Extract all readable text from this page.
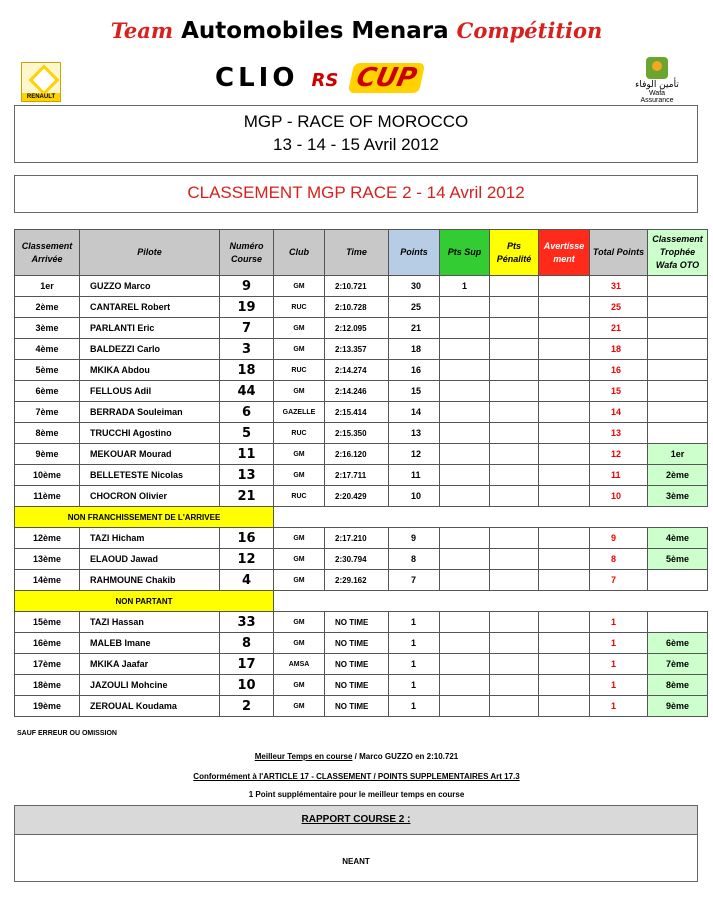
Team Automobiles Menara Compétition
RENAULT
CLIO RS CUP	تأمين الوفاء
Wafa Assurance
MGP - RACE OF MOROCCO
13 - 14 - 15 Avril 2012
CLASSEMENT MGP RACE 2 - 14 Avril 2012
Classement Arrivée	Pilote	Numéro Course	Club	Time	Points	Pts Sup	Pts Pénalité	Avertisse ment	Total Points	Classement Trophée Wafa OTO
1er	GUZZO Marco	9	GM	2:10.721	30	1			31	
2ème	CANTAREL Robert	19	RUC	2:10.728	25				25	
3ème	PARLANTI Eric	7	GM	2:12.095	21				21	
4ème	BALDEZZI Carlo	3	GM	2:13.357	18				18	
5ème	MKIKA Abdou	18	RUC	2:14.274	16				16	
6ème	FELLOUS Adil	44	GM	2:14.246	15				15	
7ème	BERRADA Souleiman	6	GAZELLE	2:15.414	14				14	
8ème	TRUCCHI Agostino	5	RUC	2:15.350	13				13	
9ème	MEKOUAR Mourad	11	GM	2:16.120	12				12	1er
10ème	BELLETESTE Nicolas	13	GM	2:17.711	11				11	2ème
11ème	CHOCRON Olivier	21	RUC	2:20.429	10				10	3ème
NON FRANCHISSEMENT DE L'ARRIVEE										
12ème	TAZI Hicham	16	GM	2:17.210	9				9	4ème
13ème	ELAOUD Jawad	12	GM	2:30.794	8				8	5ème
14ème	RAHMOUNE Chakib	4	GM	2:29.162	7				7	
NON PARTANT										
15ème	TAZI Hassan	33	GM	NO TIME	1				1	
16ème	MALEB Imane	8	GM	NO TIME	1				1	6ème
17ème	MKIKA Jaafar	17	AMSA	NO TIME	1				1	7ème
18ème	JAZOULI Mohcine	10	GM	NO TIME	1				1	8ème
19ème	ZEROUAL Koudama	2	GM	NO TIME	1				1	9ème
SAUF ERREUR OU OMISSION
Meilleur Temps en course / Marco GUZZO en 2:10.721
Conformément à l'ARTICLE 17 - CLASSEMENT / POINTS SUPPLEMENTAIRES Art 17.3
1 Point supplémentaire pour le meilleur temps en course
RAPPORT COURSE 2 :
NEANT
